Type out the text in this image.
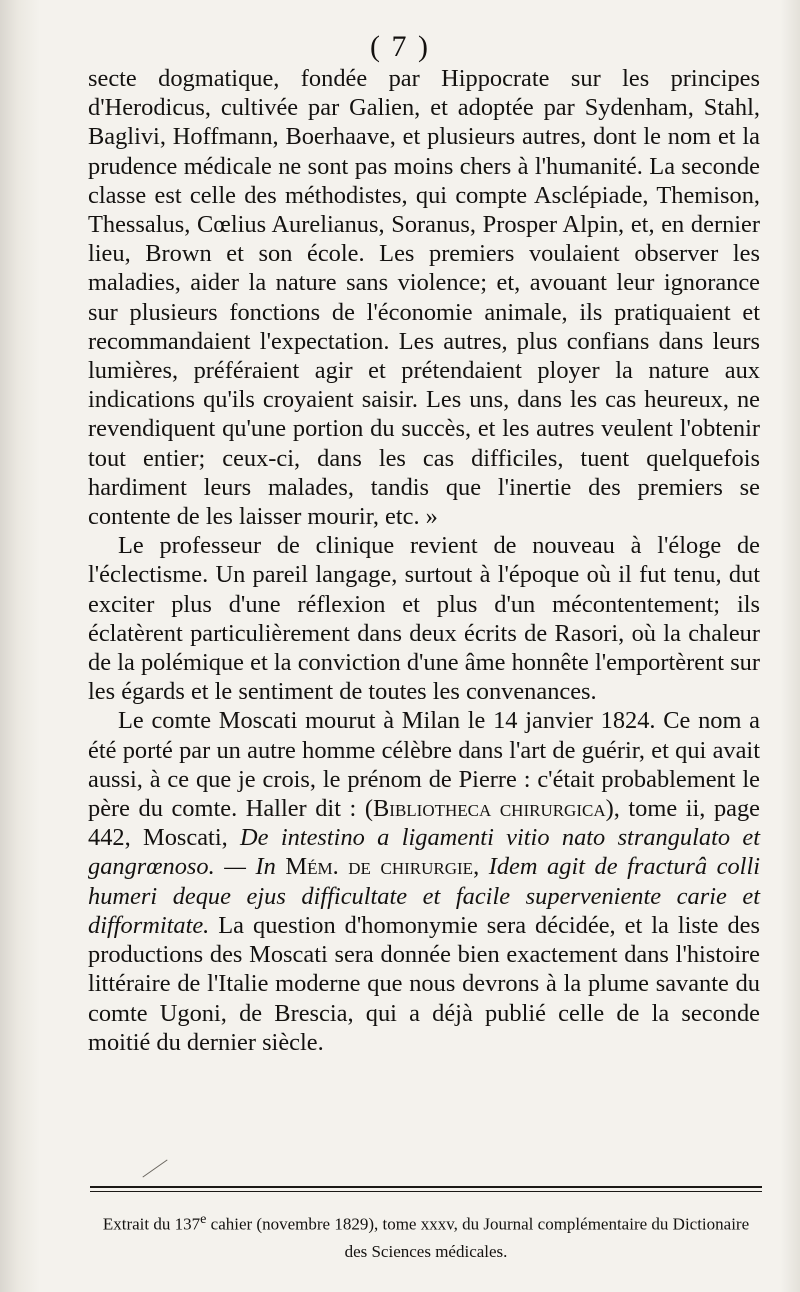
( 7 )

secte dogmatique, fondée par Hippocrate sur les principes d'Herodicus, cultivée par Galien, et adoptée par Sydenham, Stahl, Baglivi, Hoffmann, Boerhaave, et plusieurs autres, dont le nom et la prudence médicale ne sont pas moins chers à l'humanité. La seconde classe est celle des méthodistes, qui compte Asclépiade, Themison, Thessalus, Cœlius Aurelianus, Soranus, Prosper Alpin, et, en dernier lieu, Brown et son école. Les premiers voulaient observer les maladies, aider la nature sans violence; et, avouant leur ignorance sur plusieurs fonctions de l'économie animale, ils pratiquaient et recommandaient l'expectation. Les autres, plus confians dans leurs lumières, préféraient agir et prétendaient ployer la nature aux indications qu'ils croyaient saisir. Les uns, dans les cas heureux, ne revendiquent qu'une portion du succès, et les autres veulent l'obtenir tout entier; ceux-ci, dans les cas difficiles, tuent quelquefois hardiment leurs malades, tandis que l'inertie des premiers se contente de les laisser mourir, etc. »

Le professeur de clinique revient de nouveau à l'éloge de l'éclectisme. Un pareil langage, surtout à l'époque où il fut tenu, dut exciter plus d'une réflexion et plus d'un mécontentement; ils éclatèrent particulièrement dans deux écrits de Rasori, où la chaleur de la polémique et la conviction d'une âme honnête l'emportèrent sur les égards et le sentiment de toutes les convenances.

Le comte Moscati mourut à Milan le 14 janvier 1824. Ce nom a été porté par un autre homme célèbre dans l'art de guérir, et qui avait aussi, à ce que je crois, le prénom de Pierre : c'était probablement le père du comte. Haller dit : (Bibliotheca chirurgica), tome ii, page 442, Moscati, De intestino a ligamenti vitio nato strangulato et gangrœnoso. — In Mém. de chirurgie, Idem agit de fracturâ colli humeri deque ejus difficultate et facile superveniente carie et difformitate. La question d'homonymie sera décidée, et la liste des productions des Moscati sera donnée bien exactement dans l'histoire littéraire de l'Italie moderne que nous devrons à la plume savante du comte Ugoni, de Brescia, qui a déjà publié celle de la seconde moitié du dernier siècle.

Extrait du 137e cahier (novembre 1829), tome xxxv, du Journal complémentaire du Dictionaire des Sciences médicales.
